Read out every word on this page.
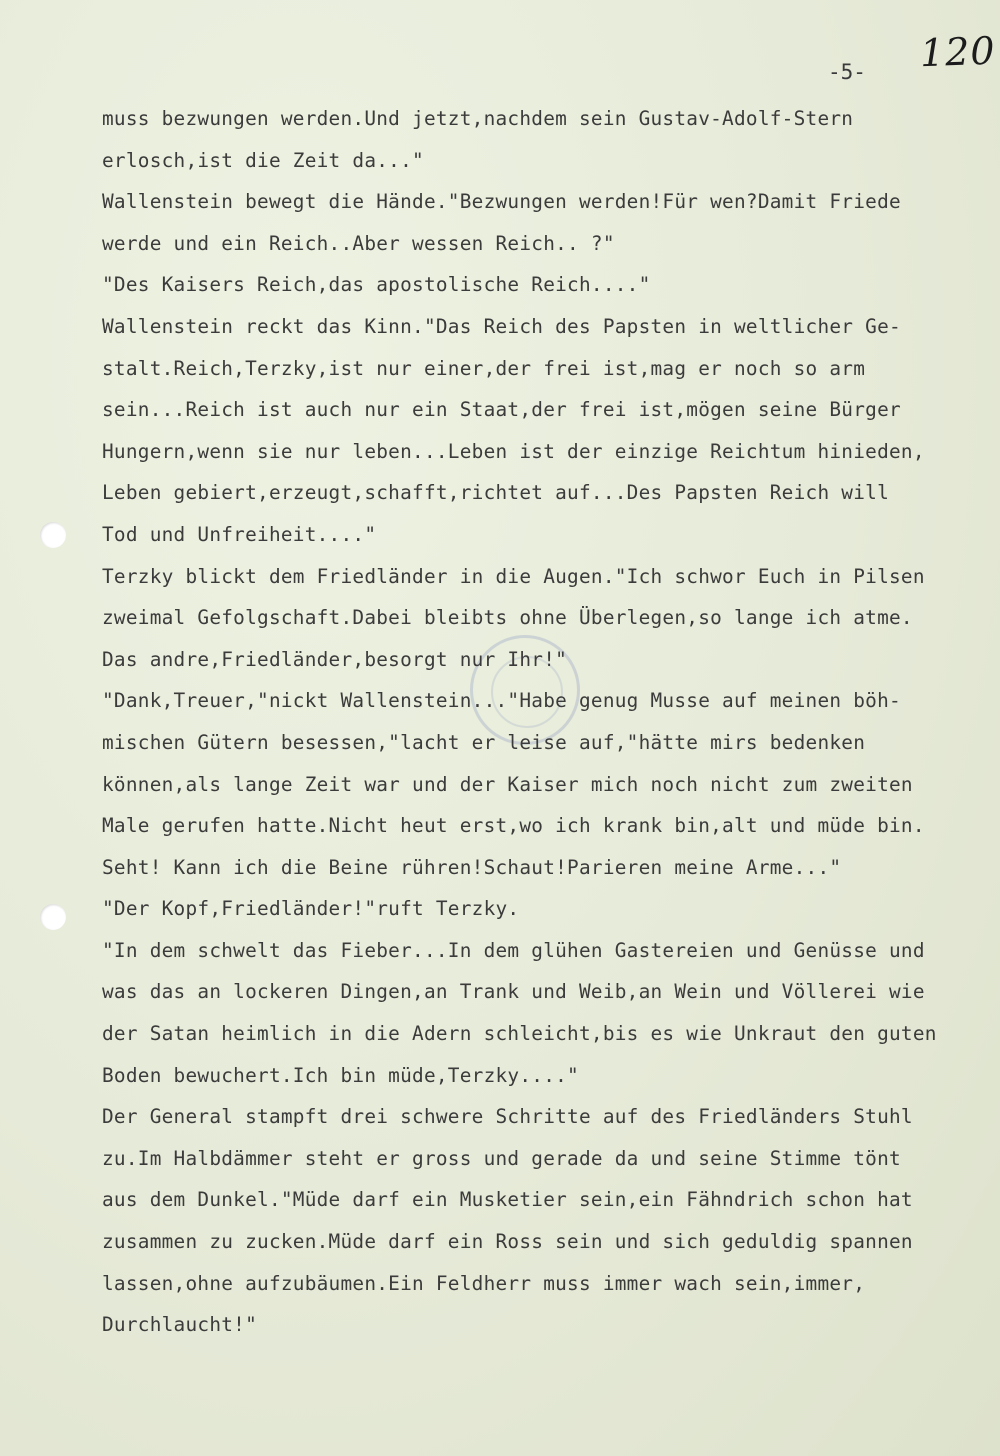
120
-5-
muss bezwungen werden.Und jetzt,nachdem sein Gustav-Adolf-Stern
erlosch,ist die Zeit da..."
Wallenstein bewegt die Hände."Bezwungen werden!Für wen?Damit Friede
werde und ein Reich..Aber wessen Reich.. ?"
"Des Kaisers Reich,das apostolische Reich...."
Wallenstein reckt das Kinn."Das Reich des Papsten in weltlicher Ge-
stalt.Reich,Terzky,ist nur einer,der frei ist,mag er noch so arm
sein...Reich ist auch nur ein Staat,der frei ist,mögen seine Bürger
Hungern,wenn sie nur leben...Leben ist der einzige Reichtum hinieden,
Leben gebiert,erzeugt,schafft,richtet auf...Des Papsten Reich will
Tod und Unfreiheit...."
Terzky blickt dem Friedländer in die Augen."Ich schwor Euch in Pilsen
zweimal Gefolgschaft.Dabei bleibts ohne Überlegen,so lange ich atme.
Das andre,Friedländer,besorgt nur Ihr!"
"Dank,Treuer,"nickt Wallenstein..."Habe genug Musse auf meinen böh-
mischen Gütern besessen,"lacht er leise auf,"hätte mirs bedenken
können,als lange Zeit war und der Kaiser mich noch nicht zum zweiten
Male gerufen hatte.Nicht heut erst,wo ich krank bin,alt und müde bin.
Seht! Kann ich die Beine rühren!Schaut!Parieren meine Arme..."
"Der Kopf,Friedländer!"ruft Terzky.
"In dem schwelt das Fieber...In dem glühen Gastereien und Genüsse und
was das an lockeren Dingen,an Trank und Weib,an Wein und Völlerei wie
der Satan heimlich in die Adern schleicht,bis es wie Unkraut den guten
Boden bewuchert.Ich bin müde,Terzky...."
Der General stampft drei schwere Schritte auf des Friedländers Stuhl
zu.Im Halbdämmer steht er gross und gerade da und seine Stimme tönt
aus dem Dunkel."Müde darf ein Musketier sein,ein Fähndrich schon hat
zusammen zu zucken.Müde darf ein Ross sein und sich geduldig spannen
lassen,ohne aufzubäumen.Ein Feldherr muss immer wach sein,immer,
Durchlaucht!"
